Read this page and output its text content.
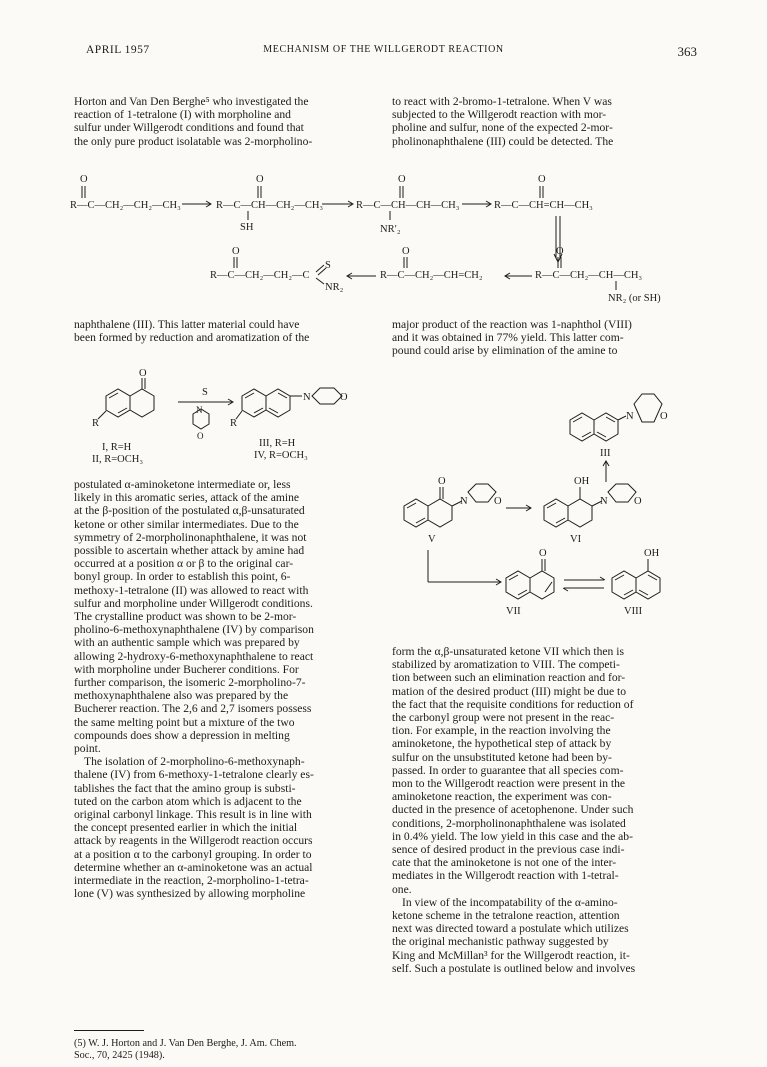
APRIL 1957	MECHANISM OF THE WILLGERODT REACTION	363
Horton and Van Den Berghe⁵ who investigated the
reaction of 1-tetralone (I) with morpholine and
sulfur under Willgerodt conditions and found that
the only pure product isolatable was 2-morpholino-
to react with 2-bromo-1-tetralone. When V was
subjected to the Willgerodt reaction with mor-
pholine and sulfur, none of the expected 2-mor-
pholinonaphthalene (III) could be detected. The
R—C—CH₂—CH₂—CH₃
O
R—C—CH—CH₂—CH₃
O
SH
R—C—CH—CH—CH₃
O
NR′₂
R—C—CH=CH—CH₃
O
R—C—CH₂—CH₂—C
O
S
NR₂
R—C—CH₂—CH=CH₂
O
R—C—CH₂—CH—CH₃
O
NR₂ (or SH)
naphthalene (III). This latter material could have
been formed by reduction and aromatization of the
major product of the reaction was 1-naphthol (VIII)
and it was obtained in 77% yield. This latter com-
pound could arise by elimination of the amine to
O
R
I, R=H
II, R=OCH₃
S
N
O
N	O
R
III, R=H
IV, R=OCH₃
N	O
III
O
N	O
V
OH
N	O
VI
O
VII
OH
VIII
postulated α-aminoketone intermediate or, less
likely in this aromatic series, attack of the amine
at the β-position of the postulated α,β-unsaturated
ketone or other similar intermediates. Due to the
symmetry of 2-morpholinonaphthalene, it was not
possible to ascertain whether attack by amine had
occurred at a position α or β to the original car-
bonyl group. In order to establish this point, 6-
methoxy-1-tetralone (II) was allowed to react with
sulfur and morpholine under Willgerodt conditions.
The crystalline product was shown to be 2-mor-
pholino-6-methoxynaphthalene (IV) by comparison
with an authentic sample which was prepared by
allowing 2-hydroxy-6-methoxynaphthalene to react
with morpholine under Bucherer conditions. For
further comparison, the isomeric 2-morpholino-7-
methoxynaphthalene also was prepared by the
Bucherer reaction. The 2,6 and 2,7 isomers possess
the same melting point but a mixture of the two
compounds does show a depression in melting
point.
The isolation of 2-morpholino-6-methoxynaph-
thalene (IV) from 6-methoxy-1-tetralone clearly es-
tablishes the fact that the amino group is substi-
tuted on the carbon atom which is adjacent to the
original carbonyl linkage. This result is in line with
the concept presented earlier in which the initial
attack by reagents in the Willgerodt reaction occurs
at a position α to the carbonyl grouping. In order to
determine whether an α-aminoketone was an actual
intermediate in the reaction, 2-morpholino-1-tetra-
lone (V) was synthesized by allowing morpholine
form the α,β-unsaturated ketone VII which then is
stabilized by aromatization to VIII. The competi-
tion between such an elimination reaction and for-
mation of the desired product (III) might be due to
the fact that the requisite conditions for reduction of
the carbonyl group were not present in the reac-
tion. For example, in the reaction involving the
aminoketone, the hypothetical step of attack by
sulfur on the unsubstituted ketone had been by-
passed. In order to guarantee that all species com-
mon to the Willgerodt reaction were present in the
aminoketone reaction, the experiment was con-
ducted in the presence of acetophenone. Under such
conditions, 2-morpholinonaphthalene was isolated
in 0.4% yield. The low yield in this case and the ab-
sence of desired product in the previous case indi-
cate that the aminoketone is not one of the inter-
mediates in the Willgerodt reaction with 1-tetral-
one.
In view of the incompatability of the α-amino-
ketone scheme in the tetralone reaction, attention
next was directed toward a postulate which utilizes
the original mechanistic pathway suggested by
King and McMillan³ for the Willgerodt reaction, it-
self. Such a postulate is outlined below and involves
(5) W. J. Horton and J. Van Den Berghe, J. Am. Chem.
Soc., 70, 2425 (1948).
